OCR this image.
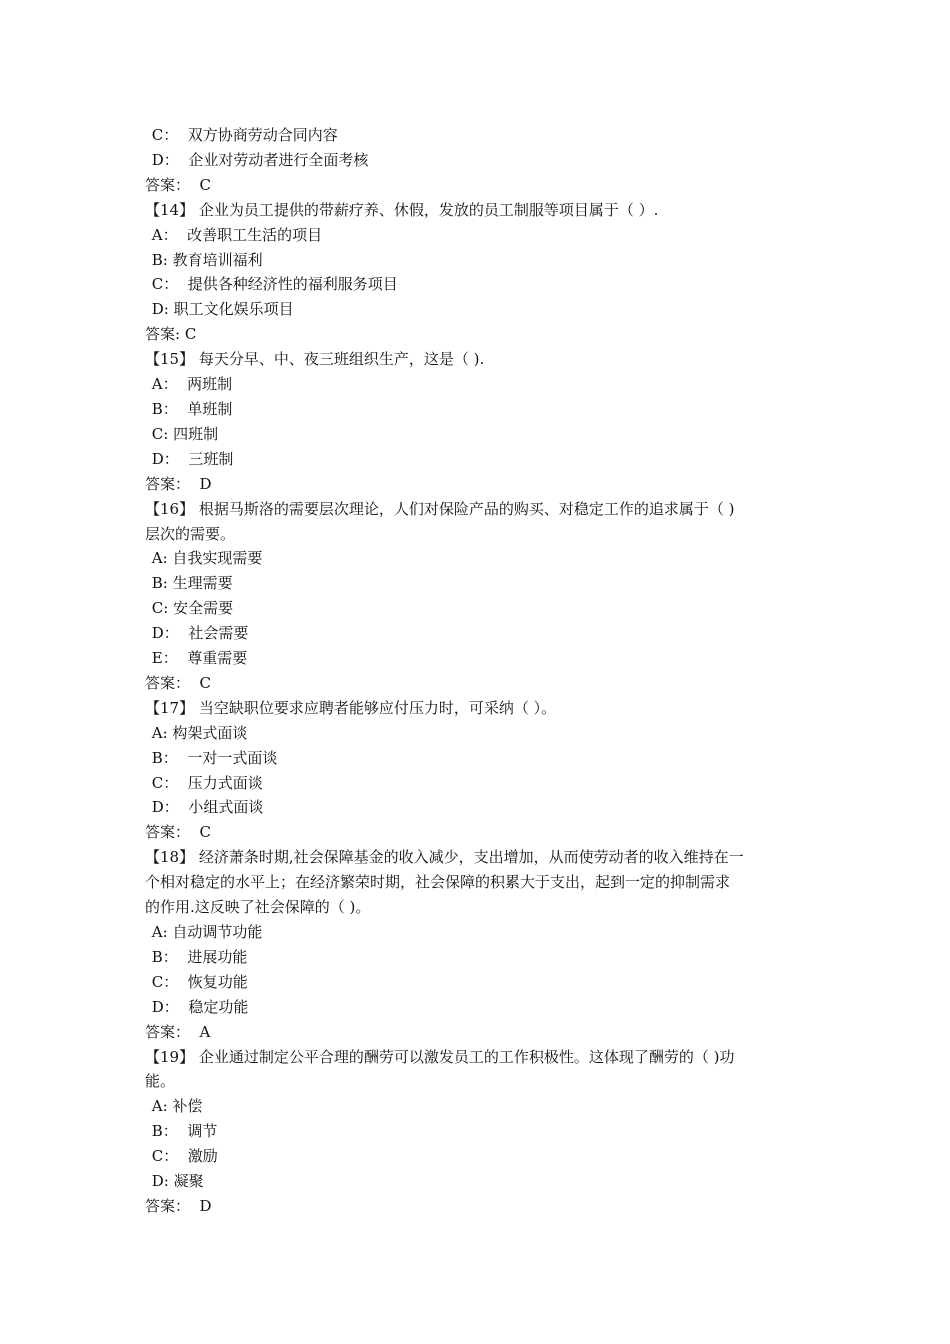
C：  双方协商劳动合同内容

D：  企业对劳动者进行全面考核

答案：  C

【14】 企业为员工提供的带薪疗养、休假，发放的员工制服等项目属于（ ）.

A：  改善职工生活的项目

B: 教育培训福利

C：  提供各种经济性的福利服务项目

D: 职工文化娱乐项目

答案: C

【15】 每天分早、中、夜三班组织生产，这是（ ).

A：  两班制

B：  单班制

C: 四班制

D：  三班制

答案：  D

【16】 根据马斯洛的需要层次理论，人们对保险产品的购买、对稳定工作的追求属于（ )

层次的需要。

A: 自我实现需要

B: 生理需要

C: 安全需要

D：  社会需要

E：  尊重需要

答案：  C

【17】 当空缺职位要求应聘者能够应付压力时，可采纳（ ）。

A: 构架式面谈

B：  一对一式面谈

C：  压力式面谈

D：  小组式面谈

答案：  C

【18】 经济萧条时期,社会保障基金的收入减少，支出增加，从而使劳动者的收入维持在一

个相对稳定的水平上；在经济繁荣时期，社会保障的积累大于支出，起到一定的抑制需求

的作用.这反映了社会保障的（ )。

A: 自动调节功能

B：  进展功能

C：  恢复功能

D：  稳定功能

答案：  A

【19】 企业通过制定公平合理的酬劳可以激发员工的工作积极性。这体现了酬劳的（ )功

能。

A: 补偿

B：  调节

C：  激励

D: 凝聚

答案：  D
